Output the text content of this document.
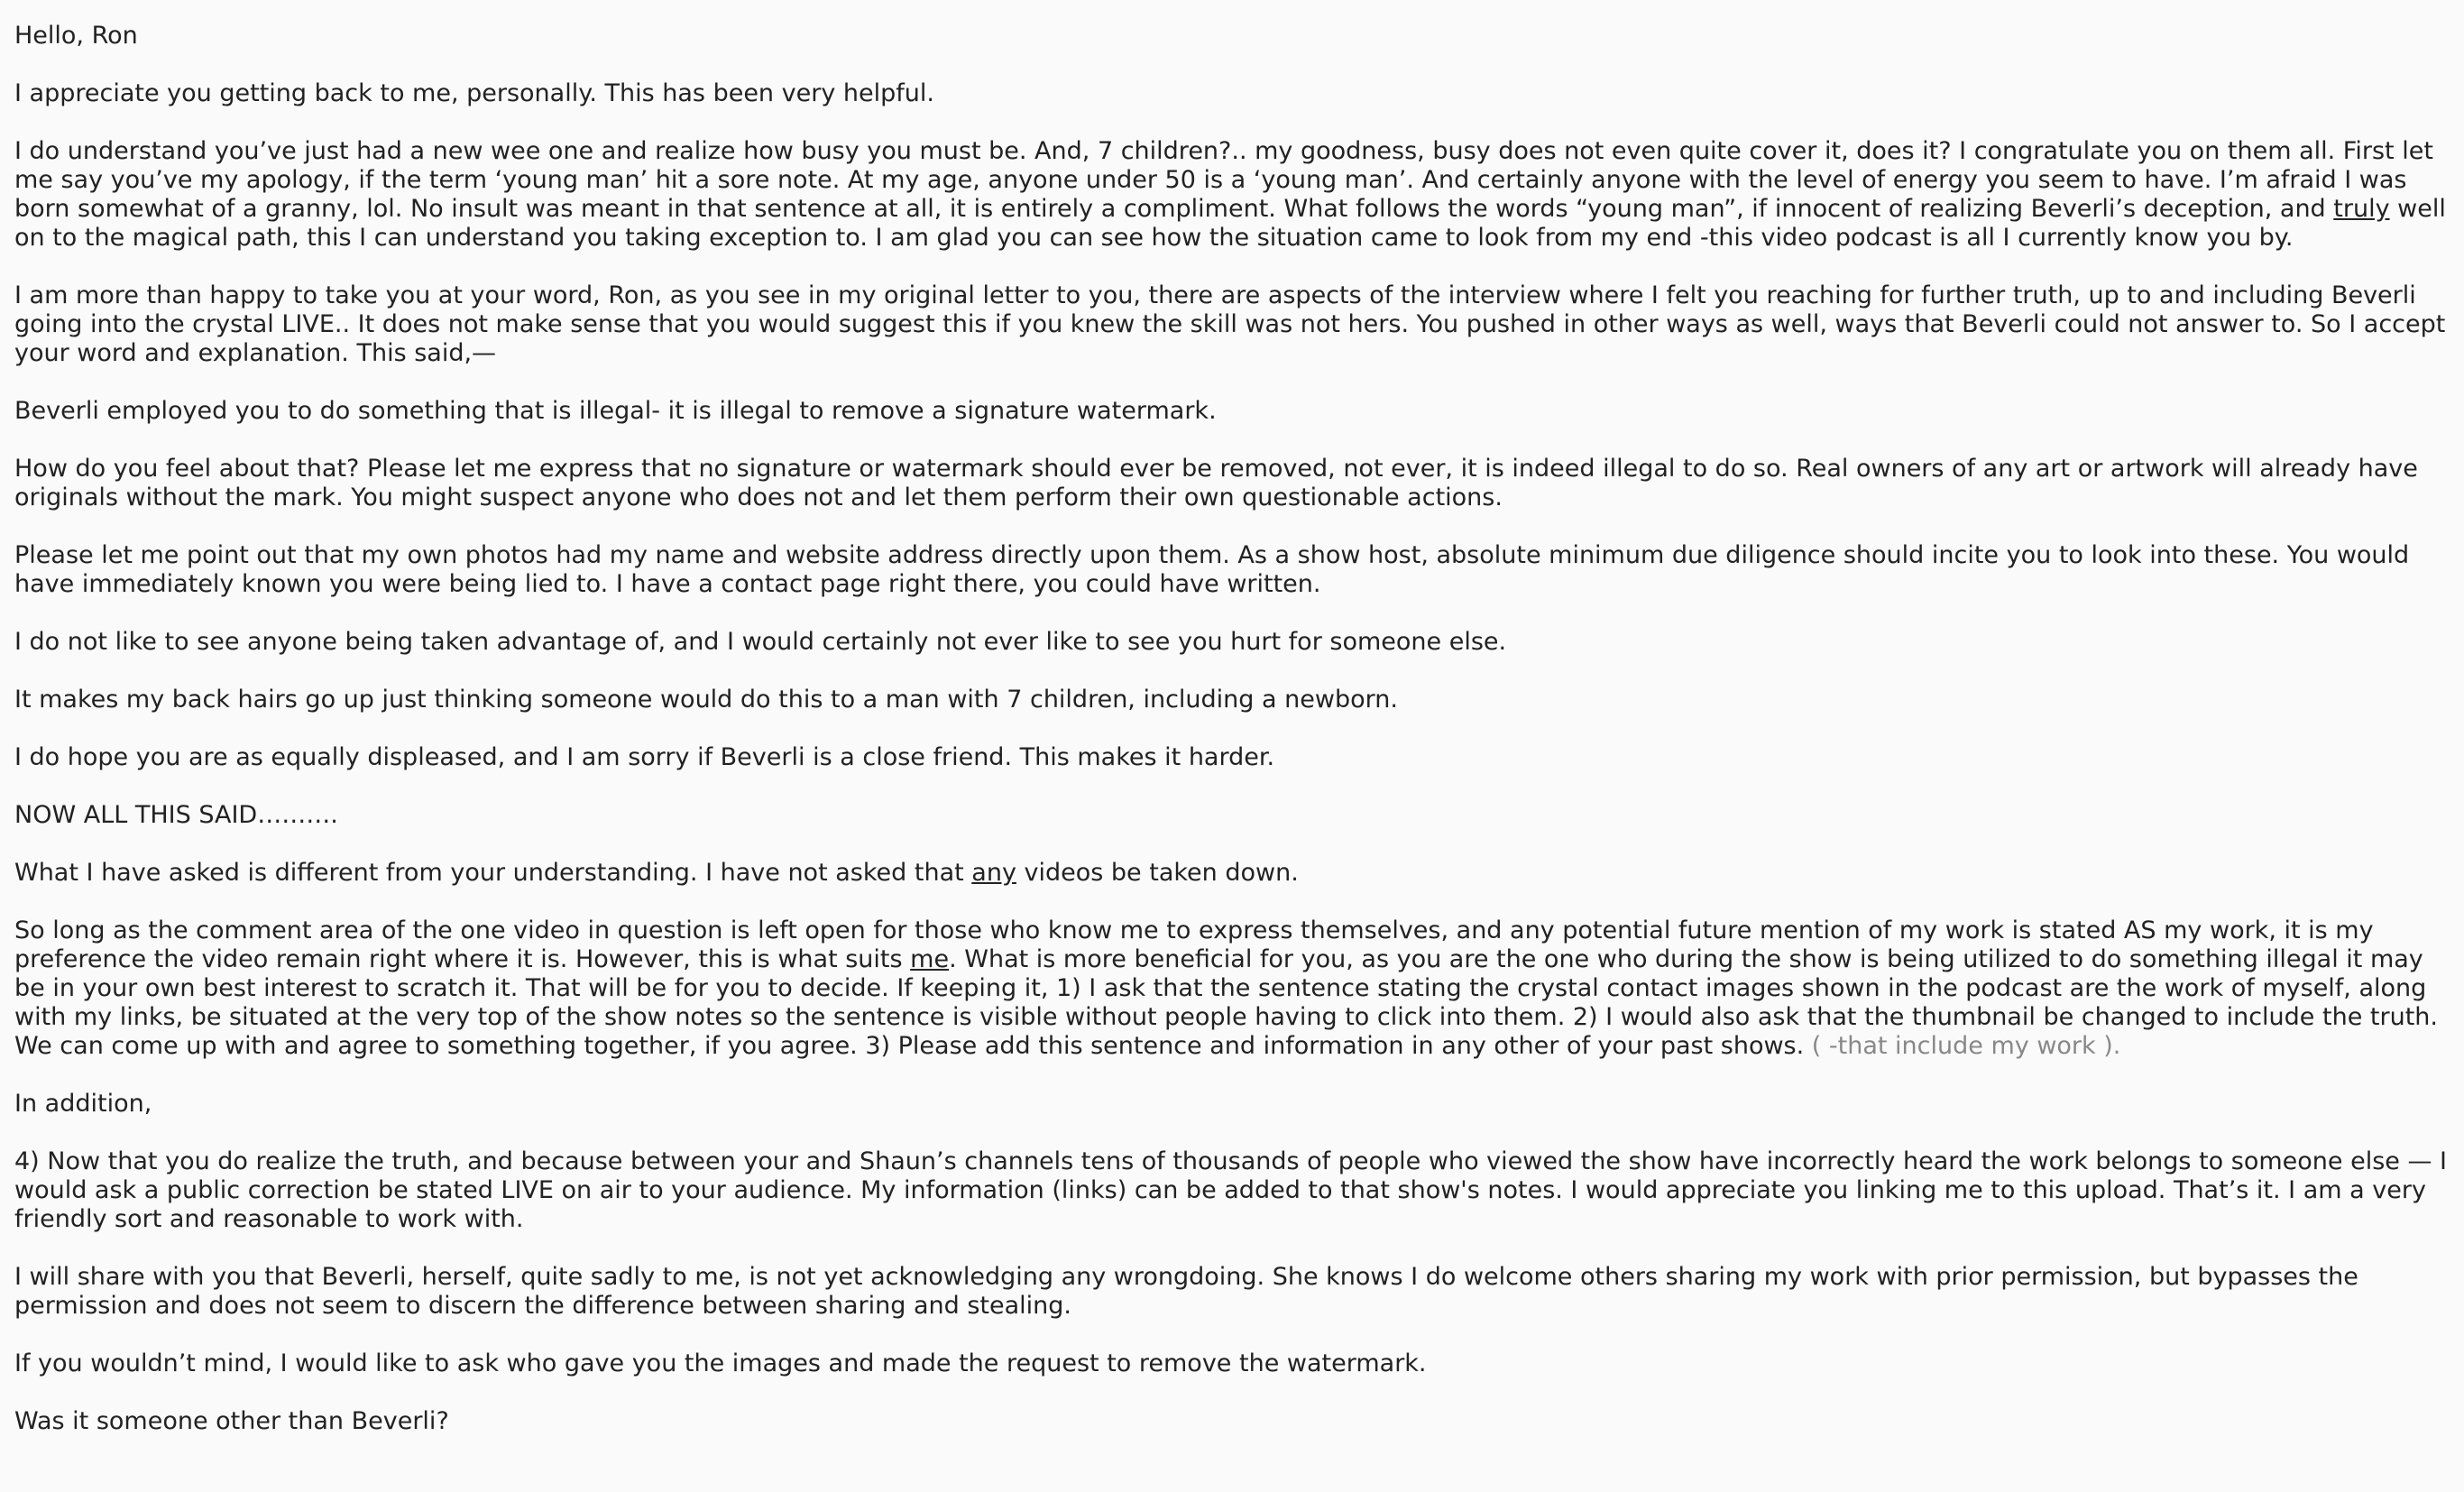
Hello, Ron

I appreciate you getting back to me, personally. This has been very helpful.

I do understand you’ve just had a new wee one and realize how busy you must be. And, 7 children?.. my goodness, busy does not even quite cover it, does it? I congratulate you on them all. First let me say you’ve my apology, if the term ‘young man’ hit a sore note. At my age, anyone under 50 is a ‘young man’. And certainly anyone with the level of energy you seem to have. I’m afraid I was born somewhat of a granny, lol. No insult was meant in that sentence at all, it is entirely a compliment. What follows the words “young man”, if innocent of realizing Beverli’s deception, and truly well on to the magical path, this I can understand you taking exception to. I am glad you can see how the situation came to look from my end -this video podcast is all I currently know you by.

I am more than happy to take you at your word, Ron, as you see in my original letter to you, there are aspects of the interview where I felt you reaching for further truth, up to and including Beverli going into the crystal LIVE.. It does not make sense that you would suggest this if you knew the skill was not hers. You pushed in other ways as well, ways that Beverli could not answer to. So I accept your word and explanation. This said,—

Beverli employed you to do something that is illegal- it is illegal to remove a signature watermark.

How do you feel about that? Please let me express that no signature or watermark should ever be removed, not ever, it is indeed illegal to do so. Real owners of any art or artwork will already have originals without the mark. You might suspect anyone who does not and let them perform their own questionable actions.

Please let me point out that my own photos had my name and website address directly upon them. As a show host, absolute minimum due diligence should incite you to look into these. You would have immediately known you were being lied to. I have a contact page right there, you could have written.

I do not like to see anyone being taken advantage of, and I would certainly not ever like to see you hurt for someone else.

It makes my back hairs go up just thinking someone would do this to a man with 7 children, including a newborn.

I do hope you are as equally displeased, and I am sorry if Beverli is a close friend. This makes it harder.

NOW ALL THIS SAID……….

What I have asked is different from your understanding. I have not asked that any videos be taken down.

So long as the comment area of the one video in question is left open for those who know me to express themselves, and any potential future mention of my work is stated AS my work, it is my preference the video remain right where it is. However, this is what suits me. What is more beneficial for you, as you are the one who during the show is being utilized to do something illegal it may be in your own best interest to scratch it. That will be for you to decide. If keeping it, 1) I ask that the sentence stating the crystal contact images shown in the podcast are the work of myself, along with my links, be situated at the very top of the show notes so the sentence is visible without people having to click into them. 2) I would also ask that the thumbnail be changed to include the truth. We can come up with and agree to something together, if you agree. 3) Please add this sentence and information in any other of your past shows. ( -that include my work ).

In addition,

4) Now that you do realize the truth, and because between your and Shaun’s channels tens of thousands of people who viewed the show have incorrectly heard the work belongs to someone else — I would ask a public correction be stated LIVE on air to your audience. My information (links) can be added to that show's notes. I would appreciate you linking me to this upload. That’s it. I am a very friendly sort and reasonable to work with.

I will share with you that Beverli, herself, quite sadly to me, is not yet acknowledging any wrongdoing. She knows I do welcome others sharing my work with prior permission, but bypasses the permission and does not seem to discern the difference between sharing and stealing.

If you wouldn’t mind, I would like to ask who gave you the images and made the request to remove the watermark.

Was it someone other than Beverli?
